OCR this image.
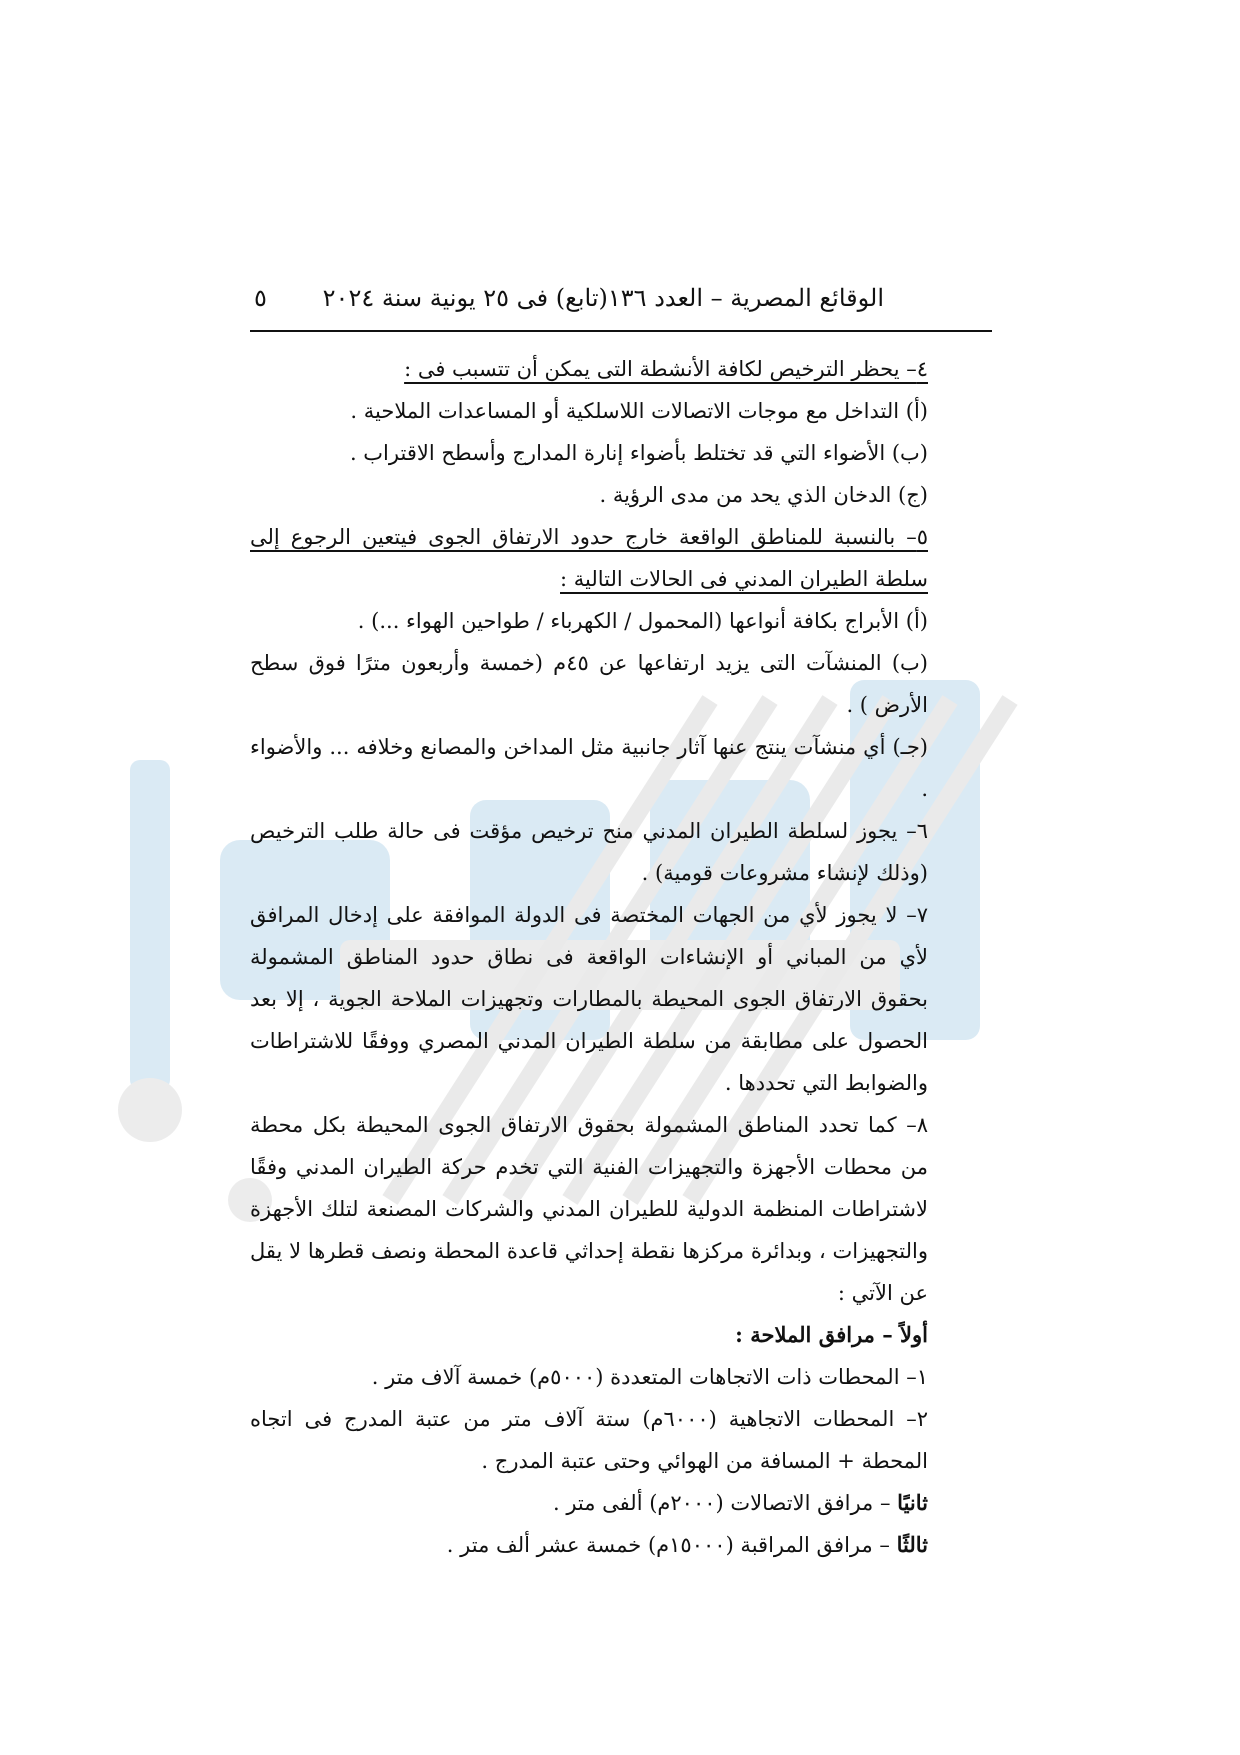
الوقائع المصرية – العدد ١٣٦(تابع) فى ٢٥ يونية سنة ٢٠٢٤
٥

٤– يحظر الترخيص لكافة الأنشطة التى يمكن أن تتسبب فى :

(أ) التداخل مع موجات الاتصالات اللاسلكية أو المساعدات الملاحية .

(ب) الأضواء التي قد تختلط بأضواء إنارة المدارج وأسطح الاقتراب .

(ج) الدخان الذي يحد من مدى الرؤية .

٥– بالنسبة للمناطق الواقعة خارج حدود الارتفاق الجوى فيتعين الرجوع إلى سلطة الطيران المدني فى الحالات التالية :

(أ) الأبراج بكافة أنواعها (المحمول / الكهرباء / طواحين الهواء ...) .

(ب) المنشآت التى يزيد ارتفاعها عن ٤٥م (خمسة وأربعون مترًا فوق سطح الأرض ) .

(جـ) أي منشآت ينتج عنها آثار جانبية مثل المداخن والمصانع وخلافه ... والأضواء .

٦– يجوز لسلطة الطيران المدني منح ترخيص مؤقت فى حالة طلب الترخيص (وذلك لإنشاء مشروعات قومية) .

٧– لا يجوز لأي من الجهات المختصة فى الدولة الموافقة على إدخال المرافق لأي من المباني أو الإنشاءات الواقعة فى نطاق حدود المناطق المشمولة بحقوق الارتفاق الجوى المحيطة بالمطارات وتجهيزات الملاحة الجوية ، إلا بعد الحصول على مطابقة من سلطة الطيران المدني المصري ووفقًا للاشتراطات والضوابط التي تحددها .

٨– كما تحدد المناطق المشمولة بحقوق الارتفاق الجوى المحيطة بكل محطة من محطات الأجهزة والتجهيزات الفنية التي تخدم حركة الطيران المدني وفقًا لاشتراطات المنظمة الدولية للطيران المدني والشركات المصنعة لتلك الأجهزة والتجهيزات ، وبدائرة مركزها نقطة إحداثي قاعدة المحطة ونصف قطرها لا يقل عن الآتي :

أولاً – مرافق الملاحة :

١– المحطات ذات الاتجاهات المتعددة (٥٠٠٠م) خمسة آلاف متر .

٢– المحطات الاتجاهية (٦٠٠٠م) ستة آلاف متر من عتبة المدرج فى اتجاه المحطة + المسافة من الهوائي وحتى عتبة المدرج .

ثانيًا – مرافق الاتصالات (٢٠٠٠م) ألفى متر .

ثالثًا – مرافق المراقبة (١٥٠٠٠م) خمسة عشر ألف متر .
